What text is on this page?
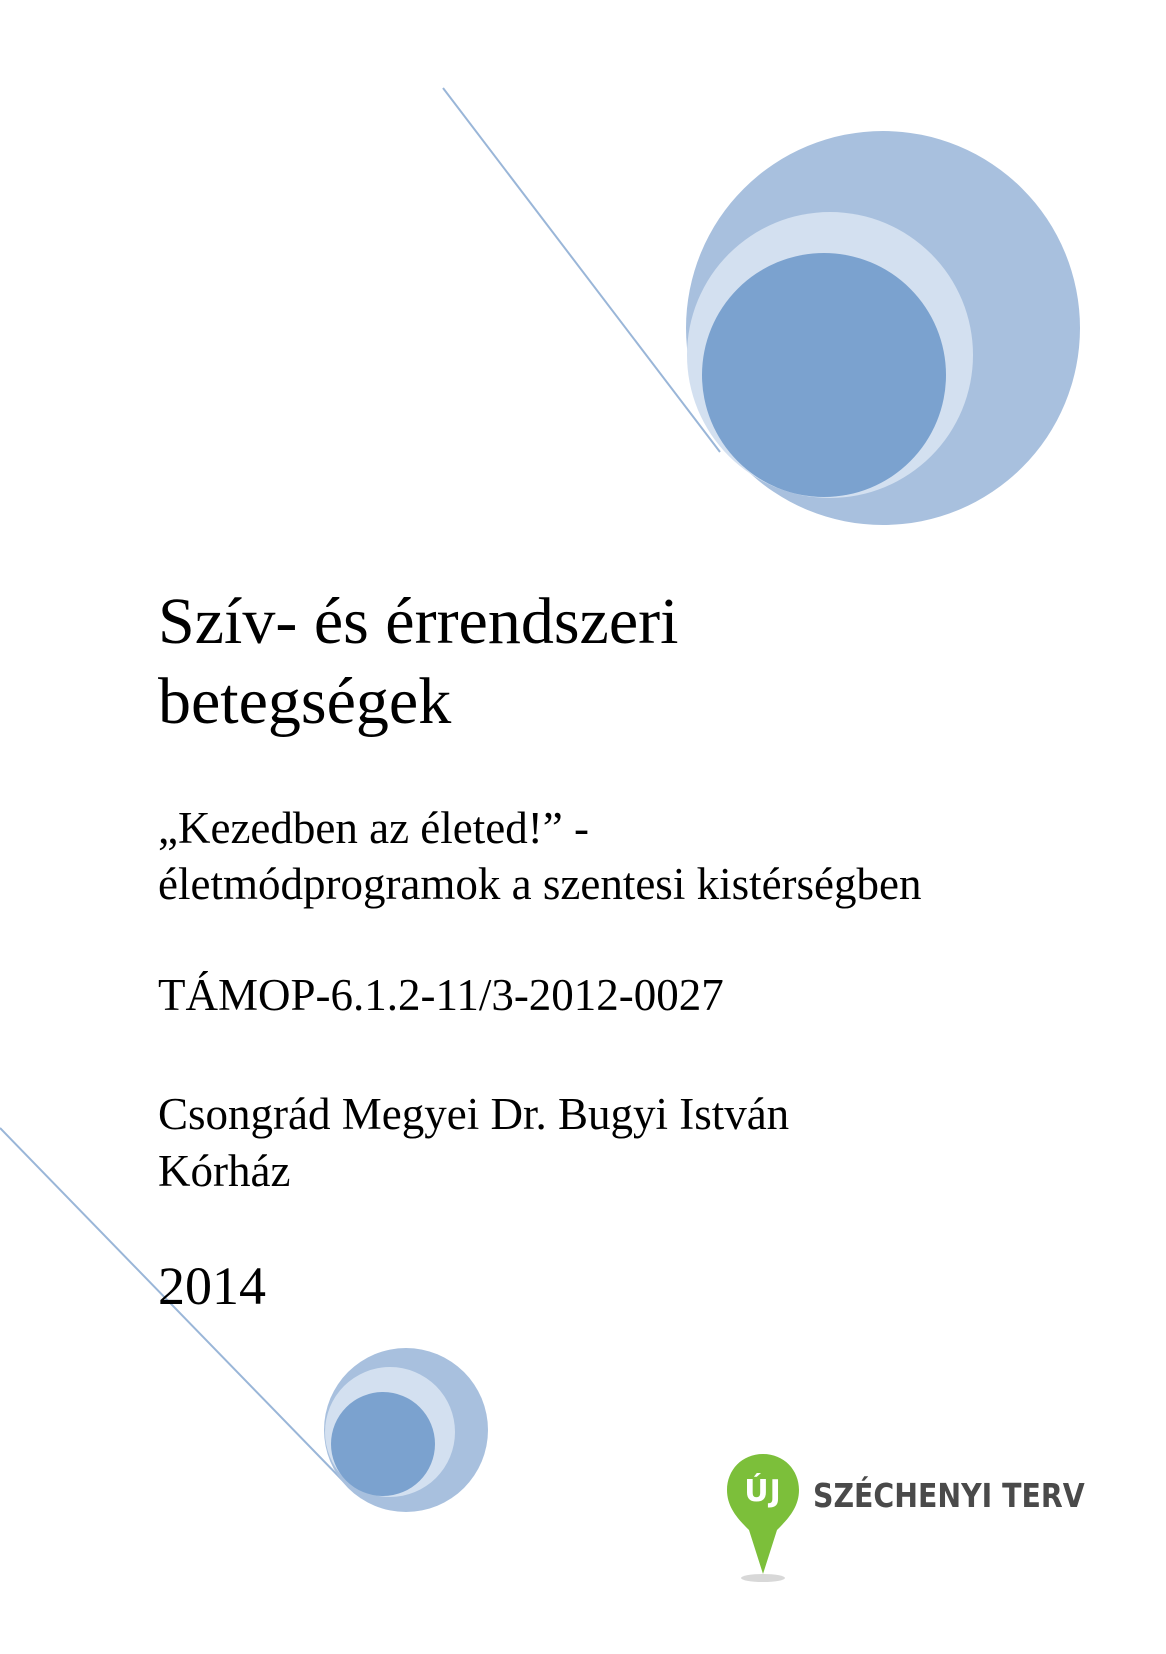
Szív- és érrendszeri
betegségek

„Kezedben az életed!” -
életmódprogramok a szentesi kistérségben

TÁMOP-6.1.2-11/3-2012-0027

Csongrád Megyei Dr. Bugyi István
Kórház

2014

ÚJ SZÉCHENYI TERV
